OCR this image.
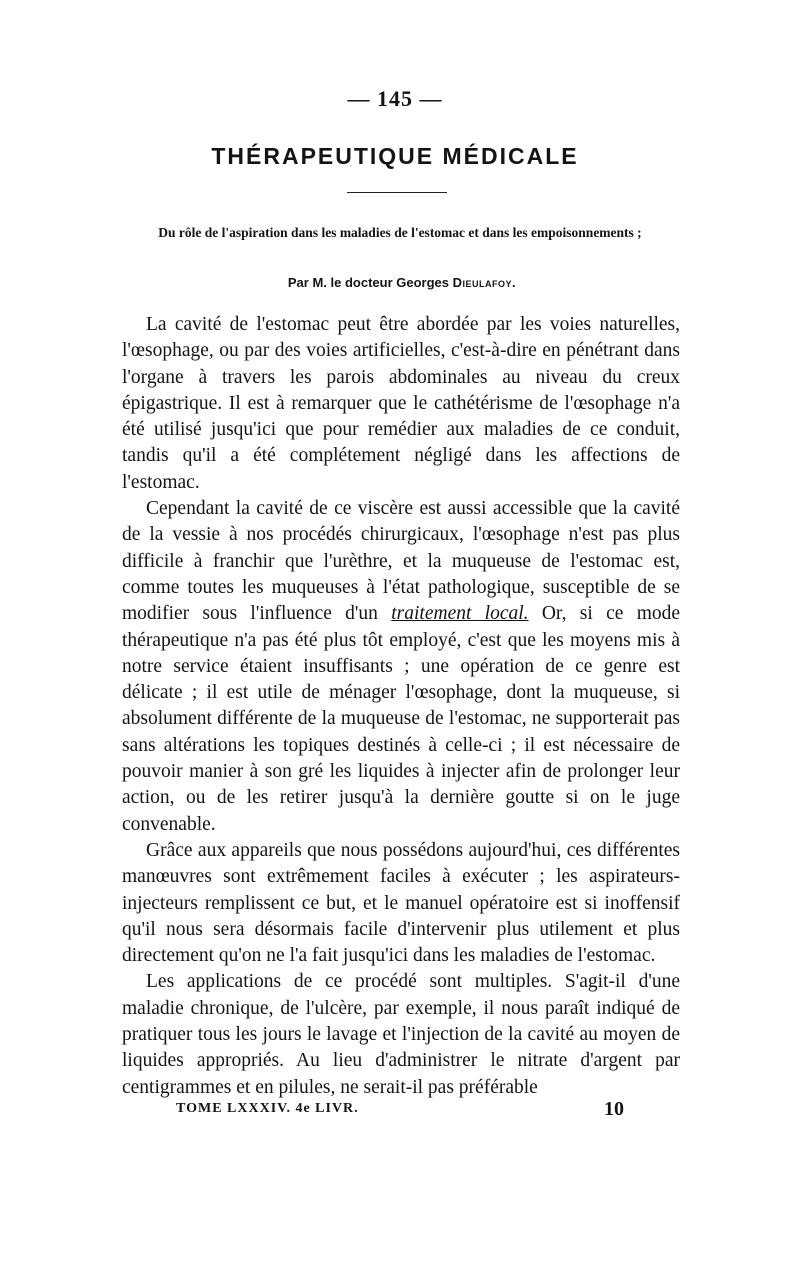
— 145 —
THÉRAPEUTIQUE MÉDICALE
Du rôle de l'aspiration dans les maladies de l'estomac et dans les empoisonnements ;
Par M. le docteur Georges Dieulafoy.

La cavité de l'estomac peut être abordée par les voies naturelles, l'œsophage, ou par des voies artificielles, c'est-à-dire en pénétrant dans l'organe à travers les parois abdominales au niveau du creux épigastrique. Il est à remarquer que le cathétérisme de l'œsophage n'a été utilisé jusqu'ici que pour remédier aux maladies de ce conduit, tandis qu'il a été complétement négligé dans les affections de l'estomac.

Cependant la cavité de ce viscère est aussi accessible que la cavité de la vessie à nos procédés chirurgicaux, l'œsophage n'est pas plus difficile à franchir que l'urèthre, et la muqueuse de l'estomac est, comme toutes les muqueuses à l'état pathologique, susceptible de se modifier sous l'influence d'un traitement local. Or, si ce mode thérapeutique n'a pas été plus tôt employé, c'est que les moyens mis à notre service étaient insuffisants ; une opération de ce genre est délicate ; il est utile de ménager l'œsophage, dont la muqueuse, si absolument différente de la muqueuse de l'estomac, ne supporterait pas sans altérations les topiques destinés à celle-ci ; il est nécessaire de pouvoir manier à son gré les liquides à injecter afin de prolonger leur action, ou de les retirer jusqu'à la dernière goutte si on le juge convenable.

Grâce aux appareils que nous possédons aujourd'hui, ces différentes manœuvres sont extrêmement faciles à exécuter ; les aspirateurs-injecteurs remplissent ce but, et le manuel opératoire est si inoffensif qu'il nous sera désormais facile d'intervenir plus utilement et plus directement qu'on ne l'a fait jusqu'ici dans les maladies de l'estomac.

Les applications de ce procédé sont multiples. S'agit-il d'une maladie chronique, de l'ulcère, par exemple, il nous paraît indiqué de pratiquer tous les jours le lavage et l'injection de la cavité au moyen de liquides appropriés. Au lieu d'administrer le nitrate d'argent par centigrammes et en pilules, ne serait-il pas préférable

TOME LXXXIV. 4e LIVR.	10
